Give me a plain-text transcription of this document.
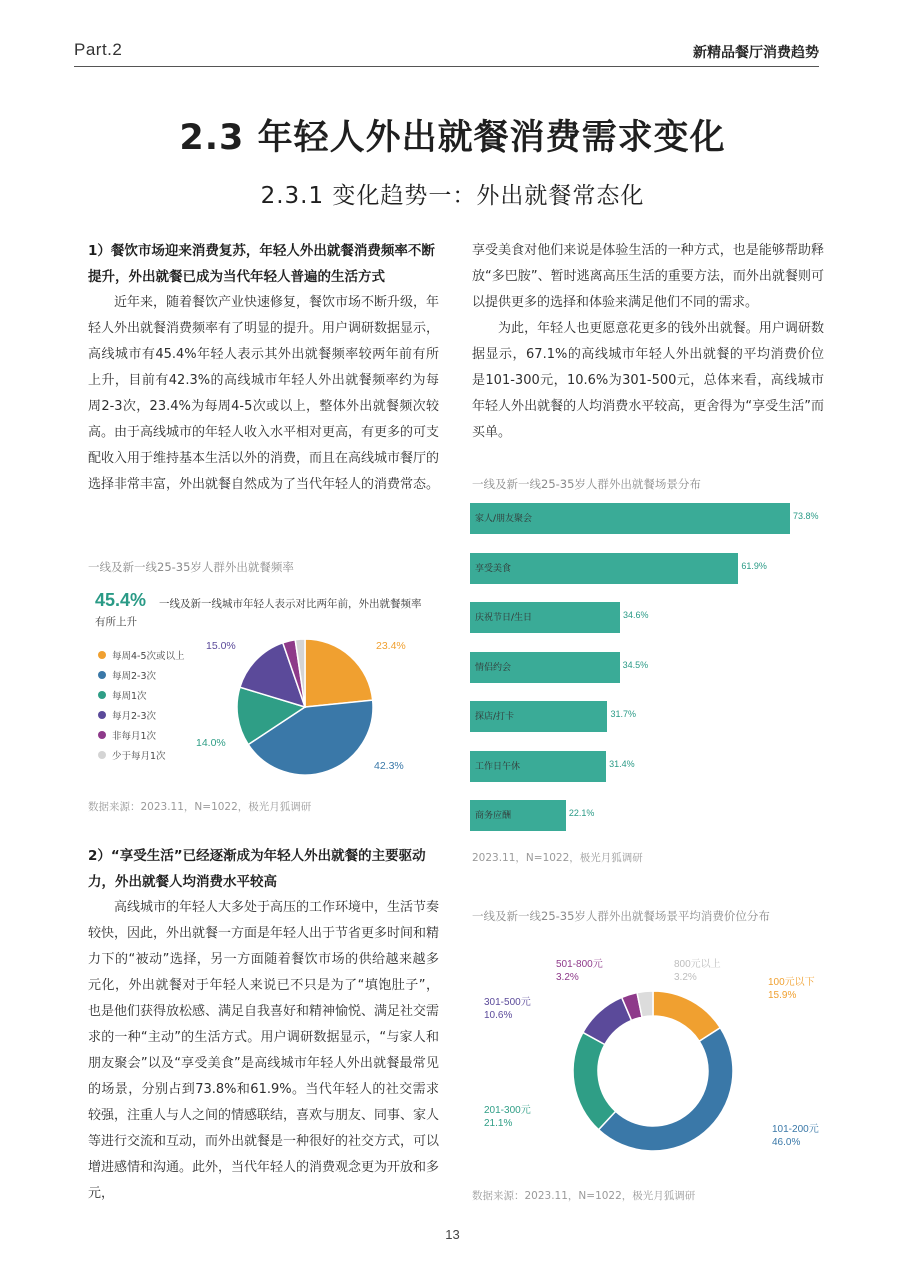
Part.2	新精品餐厅消费趋势
2.3 年轻人外出就餐消费需求变化
2.3.1 变化趋势一：外出就餐常态化
1）餐饮市场迎来消费复苏，年轻人外出就餐消费频率不断提升，外出就餐已成为当代年轻人普遍的生活方式

近年来，随着餐饮产业快速修复，餐饮市场不断升级，年轻人外出就餐消费频率有了明显的提升。用户调研数据显示，高线城市有45.4%年轻人表示其外出就餐频率较两年前有所上升，目前有42.3%的高线城市年轻人外出就餐频率约为每周2-3次，23.4%为每周4-5次或以上，整体外出就餐频次较高。由于高线城市的年轻人收入水平相对更高，有更多的可支配收入用于维持基本生活以外的消费，而且在高线城市餐厅的选择非常丰富，外出就餐自然成为了当代年轻人的消费常态。

一线及新一线25-35岁人群外出就餐频率
45.4% 一线及新一线城市年轻人表示对比两年前，外出就餐频率
有所上升
每周4-5次或以上
每周2-3次
每周1次
每月2-3次
非每月1次
少于每月1次
23.4%
42.3%
14.0%
15.0%
数据来源：2023.11，N=1022，极光月狐调研
2）“享受生活”已经逐渐成为年轻人外出就餐的主要驱动力，外出就餐人均消费水平较高

高线城市的年轻人大多处于高压的工作环境中，生活节奏较快，因此，外出就餐一方面是年轻人出于节省更多时间和精力下的“被动”选择，另一方面随着餐饮市场的供给越来越多元化，外出就餐对于年轻人来说已不只是为了“填饱肚子”，也是他们获得放松感、满足自我喜好和精神愉悦、满足社交需求的一种“主动”的生活方式。用户调研数据显示，“与家人和朋友聚会”以及“享受美食”是高线城市年轻人外出就餐最常见的场景，分别占到73.8%和61.9%。当代年轻人的社交需求较强，注重人与人之间的情感联结，喜欢与朋友、同事、家人等进行交流和互动，而外出就餐是一种很好的社交方式，可以增进感情和沟通。此外，当代年轻人的消费观念更为开放和多元，

享受美食对他们来说是体验生活的一种方式，也是能够帮助释放“多巴胺”、暂时逃离高压生活的重要方法，而外出就餐则可以提供更多的选择和体验来满足他们不同的需求。

为此，年轻人也更愿意花更多的钱外出就餐。用户调研数据显示，67.1%的高线城市年轻人外出就餐的平均消费价位是101-300元，10.6%为301-500元，总体来看，高线城市年轻人外出就餐的人均消费水平较高，更舍得为“享受生活”而买单。

一线及新一线25-35岁人群外出就餐场景分布
家人/朋友聚会	73.8%
享受美食	61.9%
庆祝节日/生日	34.6%
情侣约会	34.5%
探店/打卡	31.7%
工作日午休	31.4%
商务应酬	22.1%
2023.11，N=1022，极光月狐调研
一线及新一线25-35岁人群外出就餐场景平均消费价位分布
100元以下
15.9%
101-200元
46.0%
201-300元
21.1%
301-500元
10.6%
501-800元
3.2%
800元以上
3.2%
数据来源：2023.11，N=1022，极光月狐调研
13
